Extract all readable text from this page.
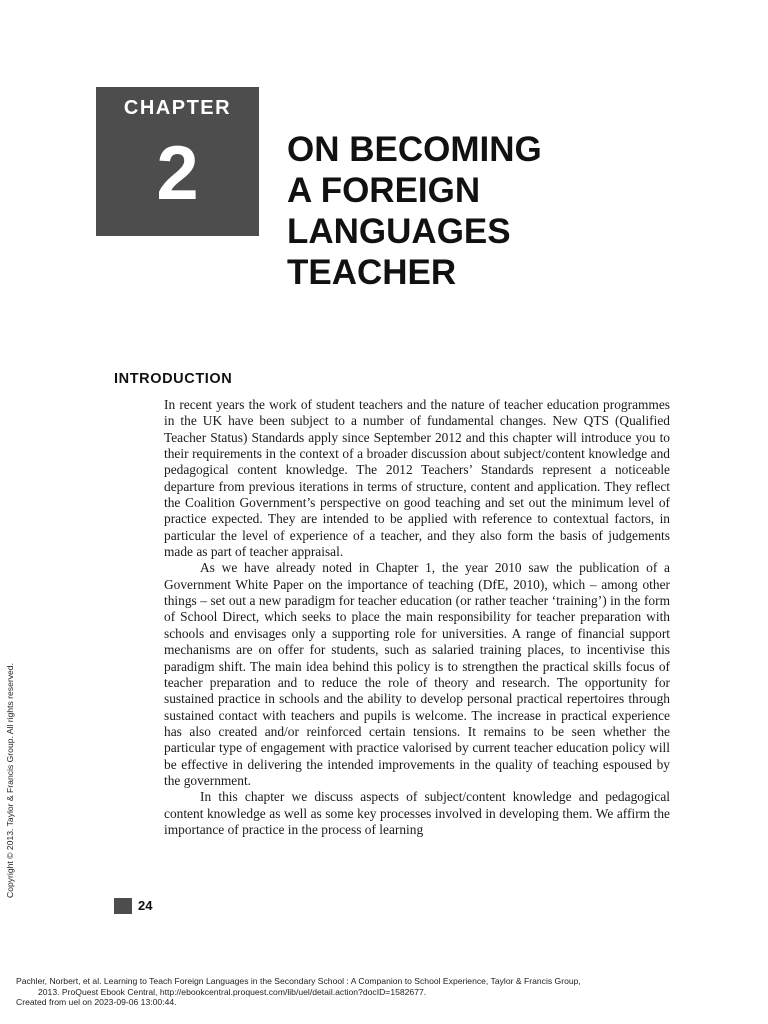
CHAPTER
2	ON BECOMING
A FOREIGN
LANGUAGES
TEACHER
INTRODUCTION

In recent years the work of student teachers and the nature of teacher education programmes in the UK have been subject to a number of fundamental changes. New QTS (Qualified Teacher Status) Standards apply since September 2012 and this chapter will introduce you to their requirements in the context of a broader discussion about subject/content knowledge and pedagogical content knowledge. The 2012 Teachers’ Standards represent a noticeable departure from previous iterations in terms of structure, content and application. They reflect the Coalition Government’s perspective on good teaching and set out the minimum level of practice expected. They are intended to be applied with reference to contextual factors, in particular the level of experience of a teacher, and they also form the basis of judgements made as part of teacher appraisal.

As we have already noted in Chapter 1, the year 2010 saw the publication of a Government White Paper on the importance of teaching (DfE, 2010), which – among other things – set out a new paradigm for teacher education (or rather teacher ‘training’) in the form of School Direct, which seeks to place the main responsibility for teacher preparation with schools and envisages only a supporting role for universities. A range of financial support mechanisms are on offer for students, such as salaried training places, to incentivise this paradigm shift. The main idea behind this policy is to strengthen the practical skills focus of teacher preparation and to reduce the role of theory and research. The opportunity for sustained practice in schools and the ability to develop personal practical repertoires through sustained contact with teachers and pupils is welcome. The increase in practical experience has also created and/or reinforced certain tensions. It remains to be seen whether the particular type of engagement with practice valorised by current teacher education policy will be effective in delivering the intended improvements in the quality of teaching espoused by the government.

In this chapter we discuss aspects of subject/content knowledge and pedagogical content knowledge as well as some key processes involved in developing them. We affirm the importance of practice in the process of learning

Copyright © 2013. Taylor & Francis Group. All rights reserved.
24
Pachler, Norbert, et al. Learning to Teach Foreign Languages in the Secondary School : A Companion to School Experience, Taylor & Francis Group,
2013. ProQuest Ebook Central, http://ebookcentral.proquest.com/lib/uel/detail.action?docID=1582677.
Created from uel on 2023-09-06 13:00:44.
